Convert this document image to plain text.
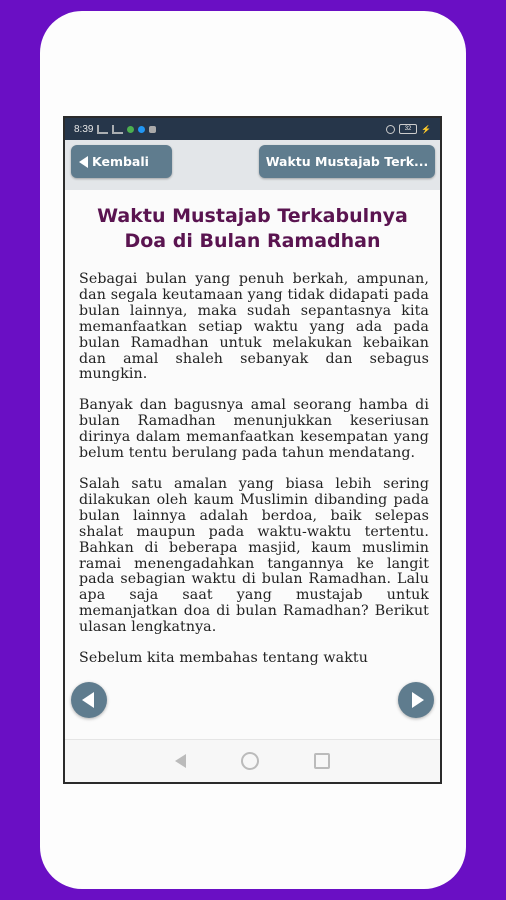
8:39	32	⚡
Kembali	Waktu Mustajab Terk...
Waktu Mustajab Terkabulnya Doa di Bulan Ramadhan

Sebagai bulan yang penuh berkah, ampunan, dan segala keutamaan yang tidak didapati pada bulan lainnya, maka sudah sepantasnya kita memanfaatkan setiap waktu yang ada pada bulan Ramadhan untuk melakukan kebaikan dan amal shaleh sebanyak dan sebagus mungkin.

Banyak dan bagusnya amal seorang hamba di bulan Ramadhan menunjukkan keseriusan dirinya dalam memanfaatkan kesempatan yang belum tentu berulang pada tahun mendatang.

Salah satu amalan yang biasa lebih sering dilakukan oleh kaum Muslimin dibanding pada bulan lainnya adalah berdoa, baik selepas shalat maupun pada waktu-waktu tertentu. Bahkan di beberapa masjid, kaum muslimin ramai menengadahkan tangannya ke langit pada sebagian waktu di bulan Ramadhan. Lalu apa saja saat yang mustajab untuk memanjatkan doa di bulan Ramadhan? Berikut ulasan lengkatnya.

Sebelum kita membahas tentang waktu
